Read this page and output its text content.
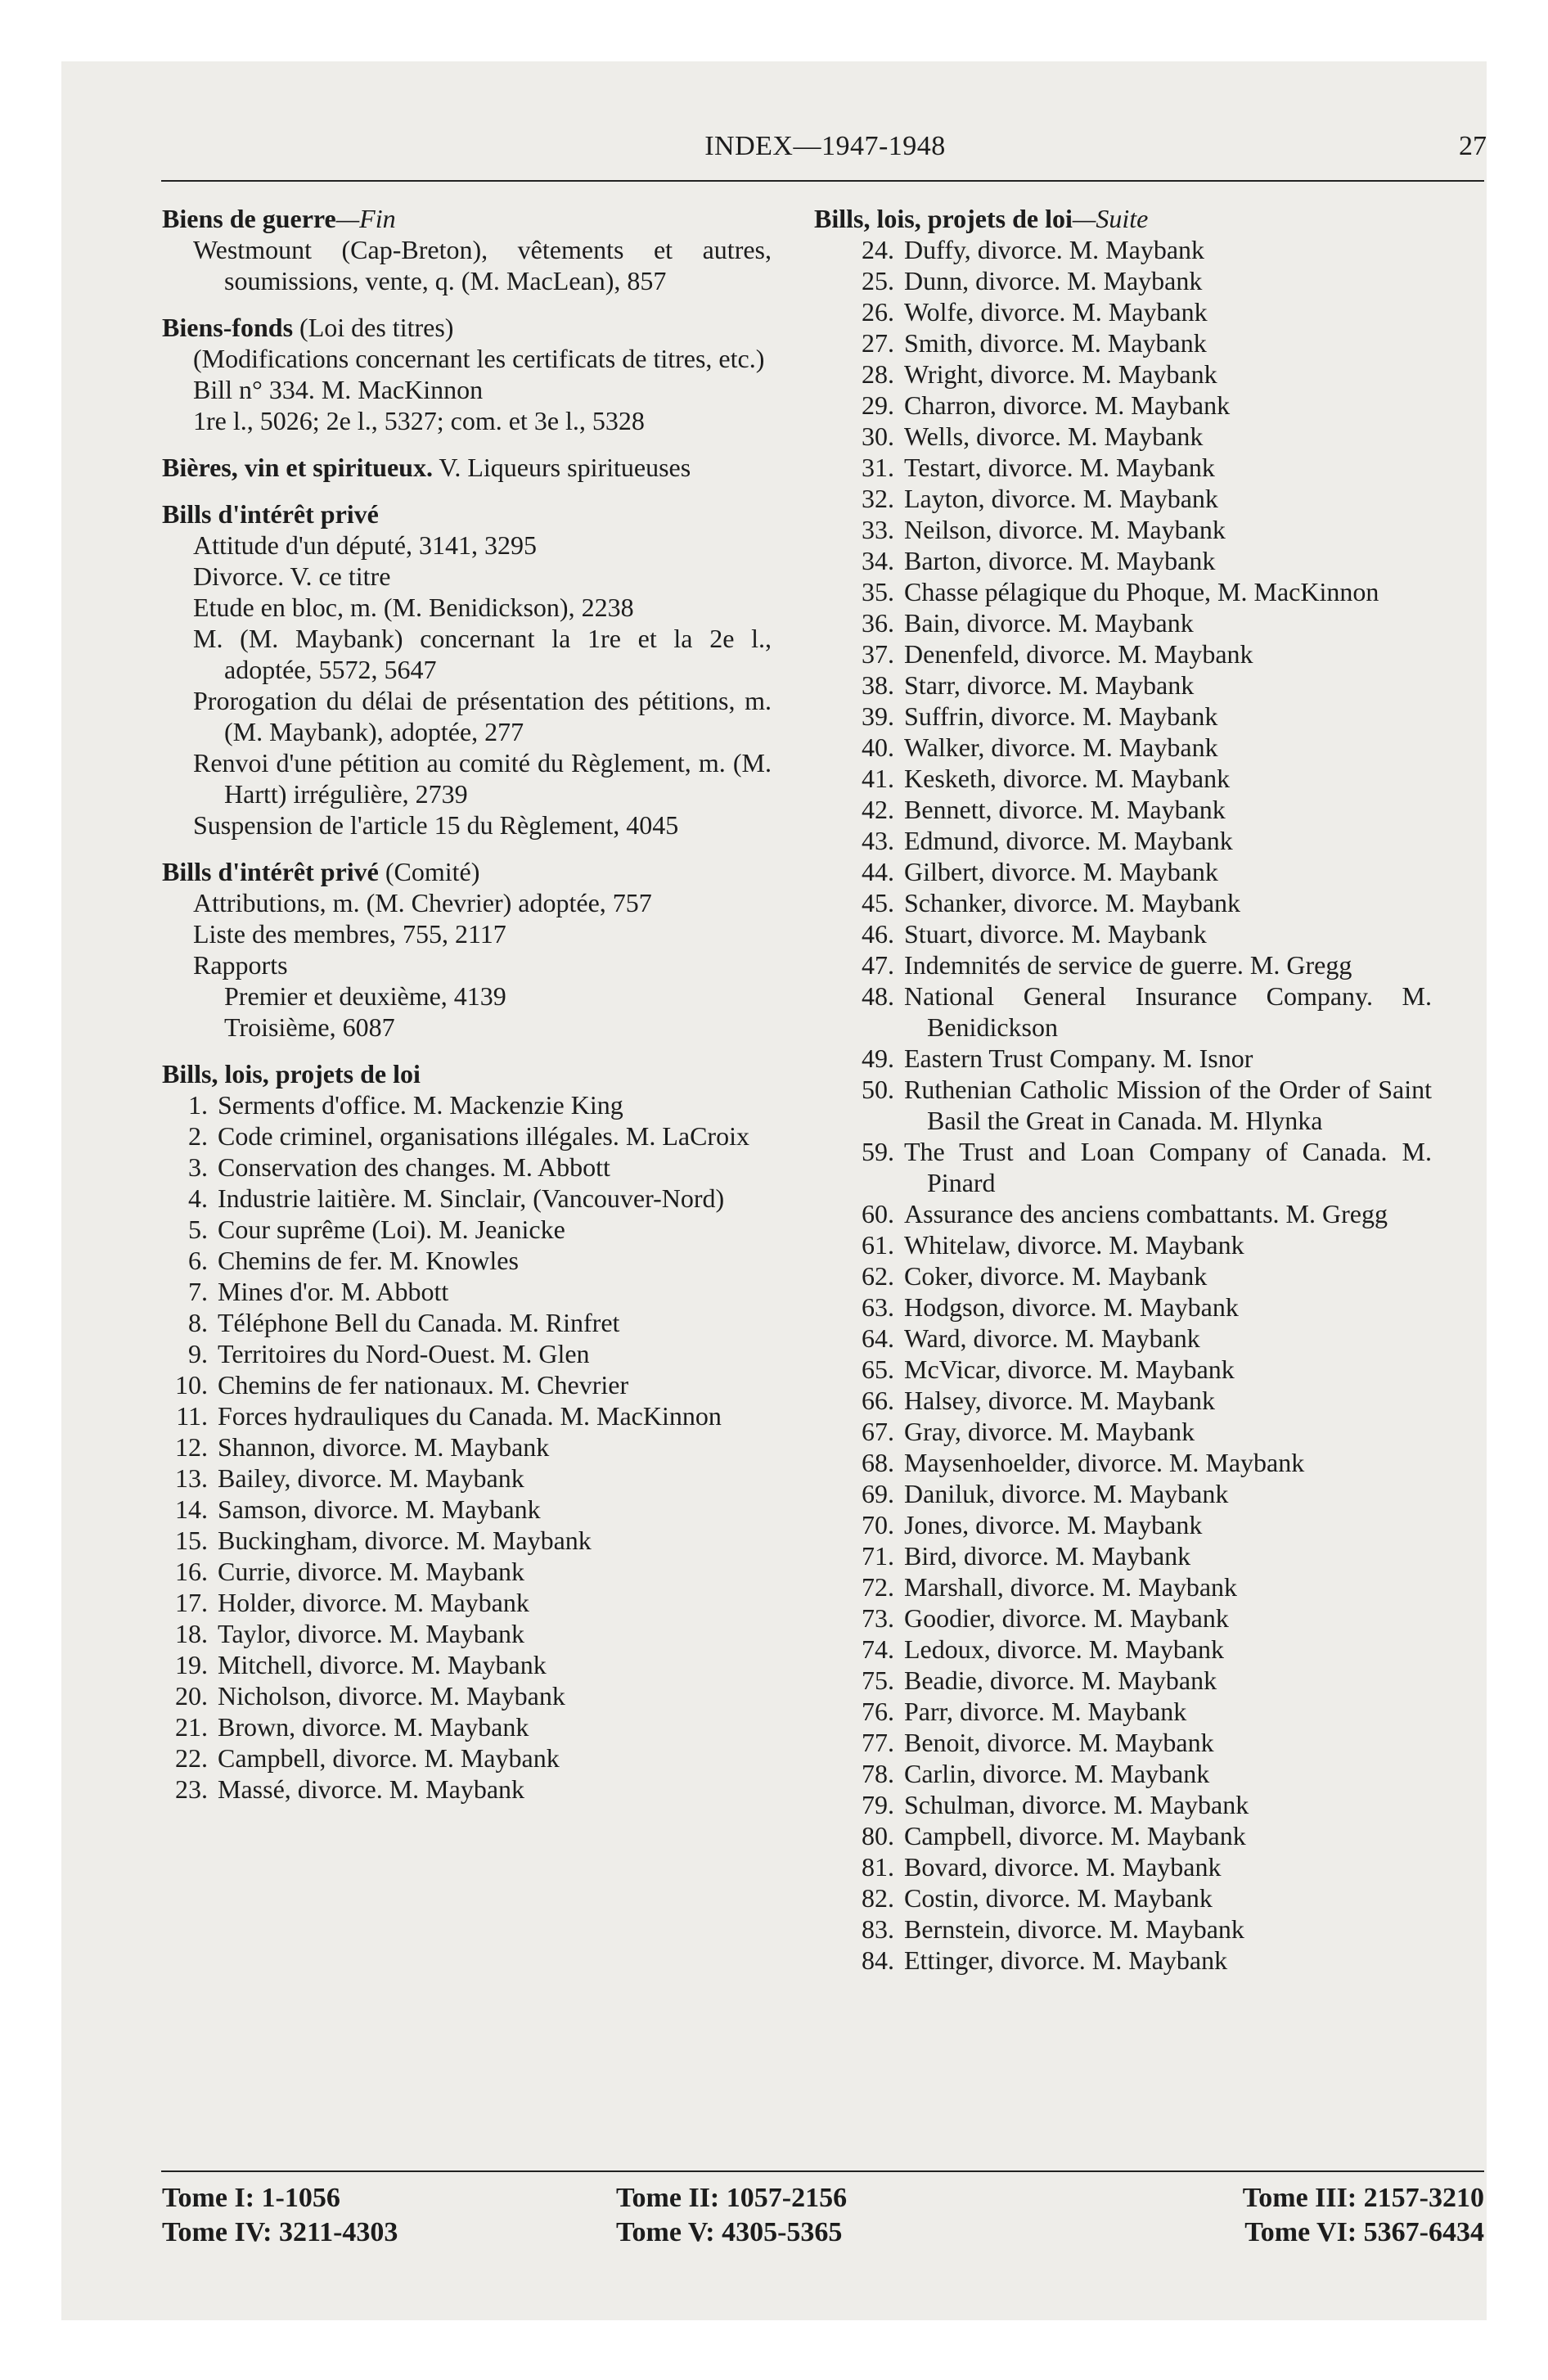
INDEX—1947-1948	27
Biens de guerre—Fin
Westmount (Cap-Breton), vêtements et autres, soumissions, vente, q. (M. MacLean), 857
Biens-fonds (Loi des titres)
(Modifications concernant les certificats de titres, etc.)
Bill n° 334. M. MacKinnon
1re l., 5026; 2e l., 5327; com. et 3e l., 5328
Bières, vin et spiritueux. V. Liqueurs spiritueuses
Bills d'intérêt privé
Attitude d'un député, 3141, 3295
Divorce. V. ce titre
Etude en bloc, m. (M. Benidickson), 2238
M. (M. Maybank) concernant la 1re et la 2e l., adoptée, 5572, 5647
Prorogation du délai de présentation des pétitions, m. (M. Maybank), adoptée, 277
Renvoi d'une pétition au comité du Règlement, m. (M. Hartt) irrégulière, 2739
Suspension de l'article 15 du Règlement, 4045
Bills d'intérêt privé (Comité)
Attributions, m. (M. Chevrier) adoptée, 757
Liste des membres, 755, 2117
Rapports
Premier et deuxième, 4139
Troisième, 6087
Bills, lois, projets de loi
1. Serments d'office. M. Mackenzie King
2. Code criminel, organisations illégales. M. LaCroix
3. Conservation des changes. M. Abbott
4. Industrie laitière. M. Sinclair, (Vancouver-Nord)
5. Cour suprême (Loi). M. Jeanicke
6. Chemins de fer. M. Knowles
7. Mines d'or. M. Abbott
8. Téléphone Bell du Canada. M. Rinfret
9. Territoires du Nord-Ouest. M. Glen
10. Chemins de fer nationaux. M. Chevrier
11. Forces hydrauliques du Canada. M. MacKinnon
12. Shannon, divorce. M. Maybank
13. Bailey, divorce. M. Maybank
14. Samson, divorce. M. Maybank
15. Buckingham, divorce. M. Maybank
16. Currie, divorce. M. Maybank
17. Holder, divorce. M. Maybank
18. Taylor, divorce. M. Maybank
19. Mitchell, divorce. M. Maybank
20. Nicholson, divorce. M. Maybank
21. Brown, divorce. M. Maybank
22. Campbell, divorce. M. Maybank
23. Massé, divorce. M. Maybank
Bills, lois, projets de loi—Suite
24. Duffy, divorce. M. Maybank
25. Dunn, divorce. M. Maybank
26. Wolfe, divorce. M. Maybank
27. Smith, divorce. M. Maybank
28. Wright, divorce. M. Maybank
29. Charron, divorce. M. Maybank
30. Wells, divorce. M. Maybank
31. Testart, divorce. M. Maybank
32. Layton, divorce. M. Maybank
33. Neilson, divorce. M. Maybank
34. Barton, divorce. M. Maybank
35. Chasse pélagique du Phoque, M. MacKinnon
36. Bain, divorce. M. Maybank
37. Denenfeld, divorce. M. Maybank
38. Starr, divorce. M. Maybank
39. Suffrin, divorce. M. Maybank
40. Walker, divorce. M. Maybank
41. Kesketh, divorce. M. Maybank
42. Bennett, divorce. M. Maybank
43. Edmund, divorce. M. Maybank
44. Gilbert, divorce. M. Maybank
45. Schanker, divorce. M. Maybank
46. Stuart, divorce. M. Maybank
47. Indemnités de service de guerre. M. Gregg
48. National General Insurance Company. M. Benidickson
49. Eastern Trust Company. M. Isnor
50. Ruthenian Catholic Mission of the Order of Saint Basil the Great in Canada. M. Hlynka
59. The Trust and Loan Company of Canada. M. Pinard
60. Assurance des anciens combattants. M. Gregg
61. Whitelaw, divorce. M. Maybank
62. Coker, divorce. M. Maybank
63. Hodgson, divorce. M. Maybank
64. Ward, divorce. M. Maybank
65. McVicar, divorce. M. Maybank
66. Halsey, divorce. M. Maybank
67. Gray, divorce. M. Maybank
68. Maysenhoelder, divorce. M. Maybank
69. Daniluk, divorce. M. Maybank
70. Jones, divorce. M. Maybank
71. Bird, divorce. M. Maybank
72. Marshall, divorce. M. Maybank
73. Goodier, divorce. M. Maybank
74. Ledoux, divorce. M. Maybank
75. Beadie, divorce. M. Maybank
76. Parr, divorce. M. Maybank
77. Benoit, divorce. M. Maybank
78. Carlin, divorce. M. Maybank
79. Schulman, divorce. M. Maybank
80. Campbell, divorce. M. Maybank
81. Bovard, divorce. M. Maybank
82. Costin, divorce. M. Maybank
83. Bernstein, divorce. M. Maybank
84. Ettinger, divorce. M. Maybank
Tome I: 1-1056	Tome II: 1057-2156	Tome III: 2157-3210
Tome IV: 3211-4303	Tome V: 4305-5365	Tome VI: 5367-6434
